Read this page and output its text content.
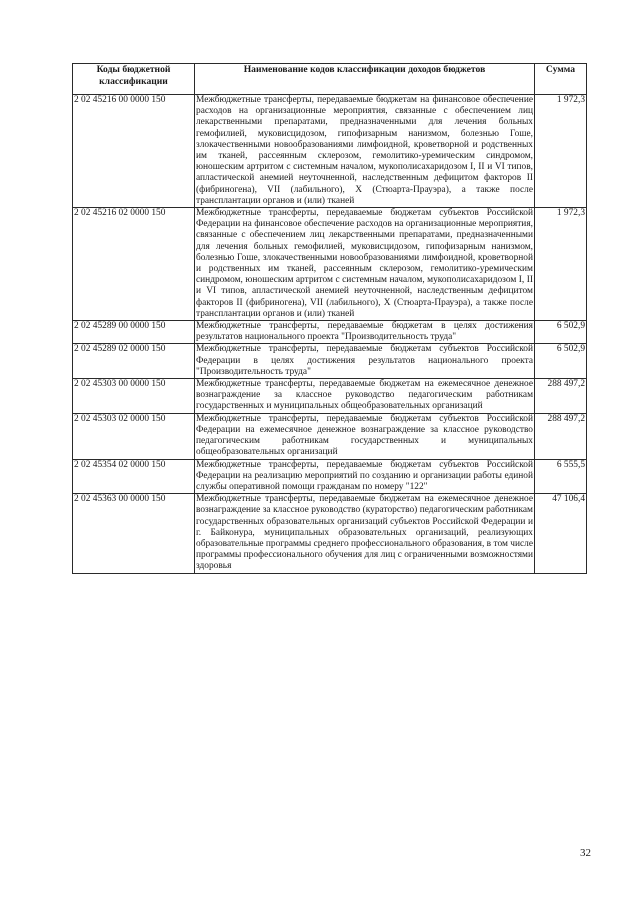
Коды бюджетной классификации	Наименование кодов классификации доходов бюджетов	Сумма
2 02 45216 00 0000 150	Межбюджетные трансферты, передаваемые бюджетам на финансовое обеспечение расходов на организационные мероприятия, связанные с обеспечением лиц лекарственными препаратами, предназначенными для лечения больных гемофилией, муковисцидозом, гипофизарным нанизмом, болезнью Гоше, злокачественными новообразованиями лимфоидной, кроветворной и родственных им тканей, рассеянным склерозом, гемолитико-уремическим синдромом, юношеским артритом с системным началом, мукополисахаридозом I, II и VI типов, апластической анемией неуточненной, наследственным дефицитом факторов II (фибриногена), VII (лабильного), X (Стюарта-Прауэра), а также после трансплантации органов и (или) тканей	1 972,3
2 02 45216 02 0000 150	Межбюджетные трансферты, передаваемые бюджетам субъектов Российской Федерации на финансовое обеспечение расходов на организационные мероприятия, связанные с обеспечением лиц лекарственными препаратами, предназначенными для лечения больных гемофилией, муковисцидозом, гипофизарным нанизмом, болезнью Гоше, злокачественными новообразованиями лимфоидной, кроветворной и родственных им тканей, рассеянным склерозом, гемолитико-уремическим синдромом, юношеским артритом с системным началом, мукополисахаридозом I, II и VI типов, апластической анемией неуточненной, наследственным дефицитом факторов II (фибриногена), VII (лабильного), X (Стюарта-Прауэра), а также после трансплантации органов и (или) тканей	1 972,3
2 02 45289 00 0000 150	Межбюджетные трансферты, передаваемые бюджетам в целях достижения результатов национального проекта "Производительность труда"	6 502,9
2 02 45289 02 0000 150	Межбюджетные трансферты, передаваемые бюджетам субъектов Российской Федерации в целях достижения результатов национального проекта "Производительность труда"	6 502,9
2 02 45303 00 0000 150	Межбюджетные трансферты, передаваемые бюджетам на ежемесячное денежное вознаграждение за классное руководство педагогическим работникам государственных и муниципальных общеобразовательных организаций	288 497,2
2 02 45303 02 0000 150	Межбюджетные трансферты, передаваемые бюджетам субъектов Российской Федерации на ежемесячное денежное вознаграждение за классное руководство педагогическим работникам государственных и муниципальных общеобразовательных организаций	288 497,2
2 02 45354 02 0000 150	Межбюджетные трансферты, передаваемые бюджетам субъектов Российской Федерации на реализацию мероприятий по созданию и организации работы единой службы оперативной помощи гражданам по номеру "122"	6 555,5
2 02 45363 00 0000 150	Межбюджетные трансферты, передаваемые бюджетам на ежемесячное денежное вознаграждение за классное руководство (кураторство) педагогическим работникам государственных образовательных организаций субъектов Российской Федерации и г. Байконура, муниципальных образовательных организаций, реализующих образовательные программы среднего профессионального образования, в том числе программы профессионального обучения для лиц с ограниченными возможностями здоровья	47 106,4
32
